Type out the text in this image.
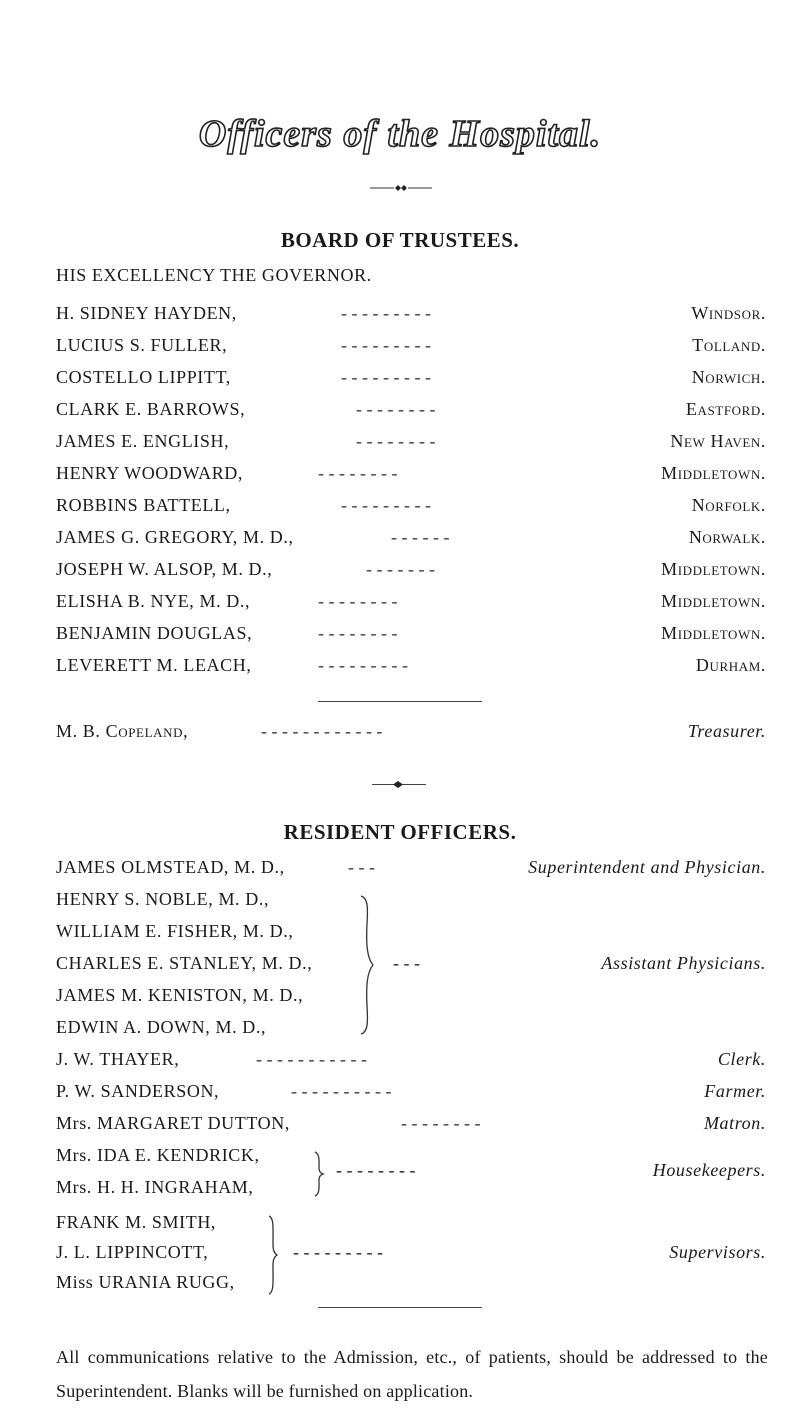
Officers of the Hospital.
BOARD OF TRUSTEES.
HIS EXCELLENCY THE GOVERNOR.
H. SIDNEY HAYDEN,	- - - - - - - - -	Windsor.
LUCIUS S. FULLER,	- - - - - - - - -	Tolland.
COSTELLO LIPPITT,	- - - - - - - - -	Norwich.
CLARK E. BARROWS,	- - - - - - - -	Eastford.
JAMES E. ENGLISH,	- - - - - - - -	New Haven.
HENRY WOODWARD,	- - - - - - - -	Middletown.
ROBBINS BATTELL,	- - - - - - - - -	Norfolk.
JAMES G. GREGORY, M. D.,	- - - - - -	Norwalk.
JOSEPH W. ALSOP, M. D.,	- - - - - - -	Middletown.
ELISHA B. NYE, M. D.,	- - - - - - - -	Middletown.
BENJAMIN DOUGLAS,	- - - - - - - -	Middletown.
LEVERETT M. LEACH,	- - - - - - - - -	Durham.
M. B. Copeland,	- - - - - - - - - - - -	Treasurer.
RESIDENT OFFICERS.
JAMES OLMSTEAD, M. D.,	- - -	Superintendent and Physician.
HENRY S. NOBLE, M. D.,
WILLIAM E. FISHER, M. D.,
CHARLES E. STANLEY, M. D.,
JAMES M. KENISTON, M. D.,
EDWIN A. DOWN, M. D.,
- - -	Assistant Physicians.
J. W. THAYER,	- - - - - - - - - - -	Clerk.
P. W. SANDERSON,	- - - - - - - - - -	Farmer.
Mrs. MARGARET DUTTON,	- - - - - - - -	Matron.
Mrs. IDA E. KENDRICK,
Mrs. H. H. INGRAHAM,
- - - - - - - -	Housekeepers.
FRANK M. SMITH,
J. L. LIPPINCOTT,
Miss URANIA RUGG,
- - - - - - - - -	Supervisors.
All communications relative to the Admission, etc., of patients, should be addressed to the Superintendent. Blanks will be furnished on application.
